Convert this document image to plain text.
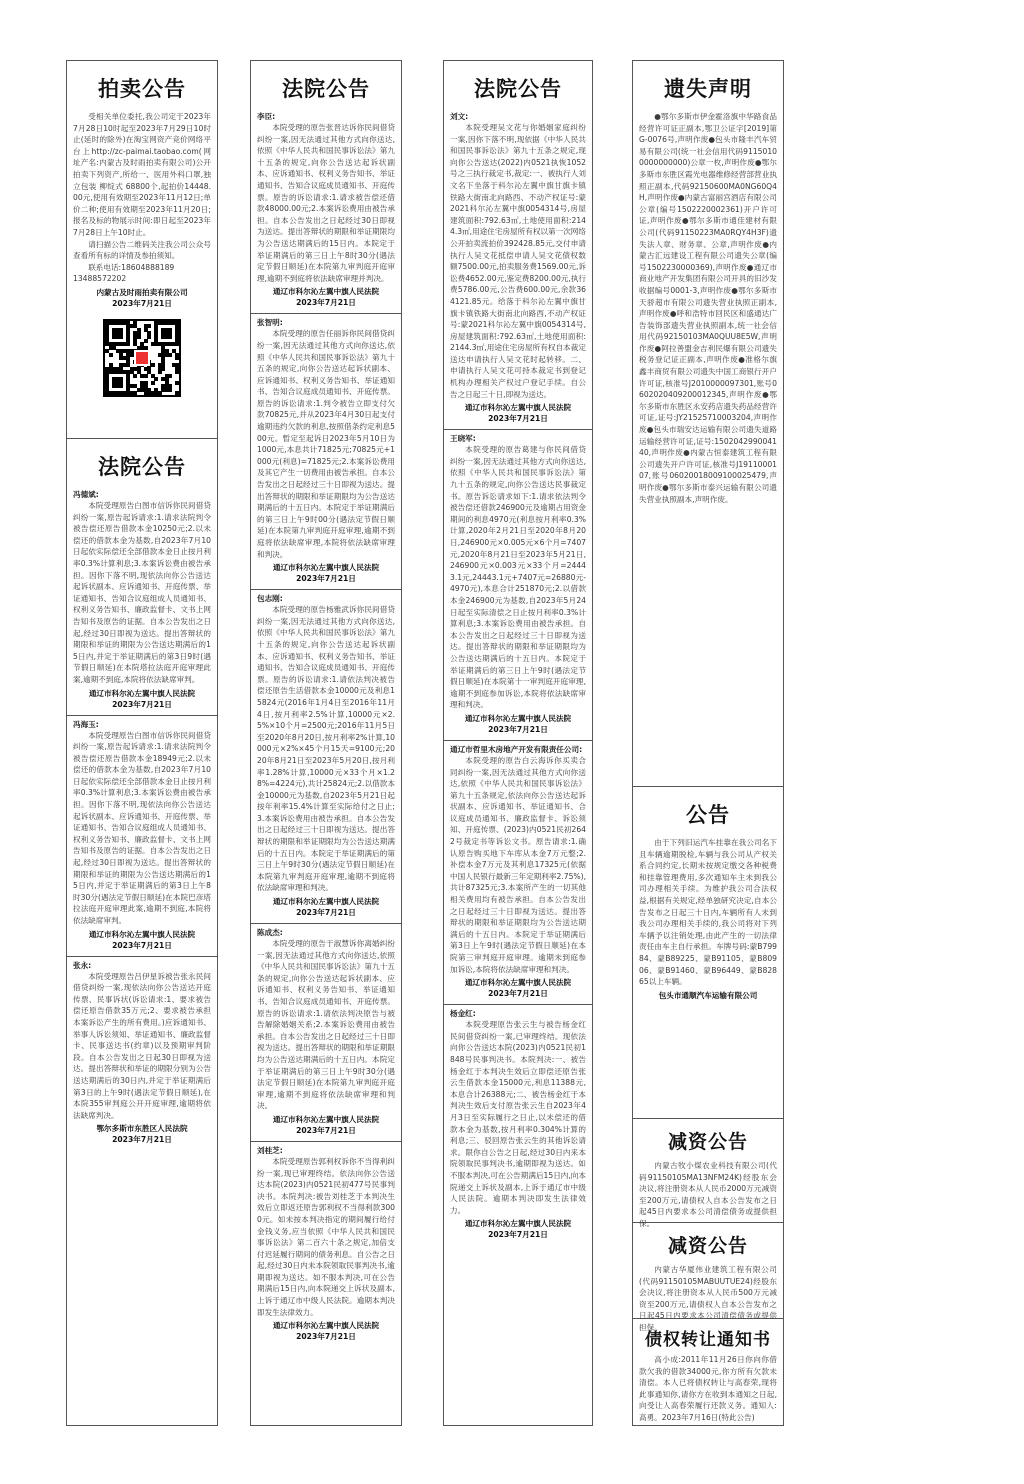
拍卖公告

受相关单位委托,我公司定于2023年7月28日10时起至2023年7月29日10时止(延时的除外)在淘宝网资产竞价网络平台上http://zc-paimai.taobao.com(网址产名:内蒙古及时雨拍卖有限公司)公开拍卖下列资产,所给一、医用外科口罩,独立包装 柳绽式 68800个,起拍价14448.00元,使用有效期至2023年11月12日;单价二种;使用有效期至2023年11月20日;报名及标的物展示时间:即日起至2023年7月28日上午10时止。

请扫描公告二维码关注我公司公众号查看所有标的详情及参拍须知。

联系电话:18604888189
13488572202

内蒙古及时雨拍卖有限公司
2023年7月21日
法院公告
冯德斌:

本院受理原告白图市信诉你民间借贷纠纷一案,原告起诉请求:1.请求法院判令被告偿还原告借款本金10250元;2.以未偿还的借款本金为基数,自2023年7月10日起依实际偿还全部借款本金日止按月利率0.3%计算利息;3.本案诉讼费由被告承担。因你下落不明,现依法向你公告送达起诉状副本、应诉通知书、开庭传票、举证通知书、告知合议庭组成人员通知书、权利义务告知书、廉政监督卡、文书上网告知书及原告的证据。自本公告发出之日起,经过30日即视为送达。提出答辩状的期限和举证的期限为公告送达期满后的15日内,并定于举证期满后的第3日9时(遇节假日顺延)在本院塔拉法庭开庭审理此案,逾期不到庭,本院将依法缺席审判。

通辽市科尔沁左翼中旗人民法院
2023年7月21日
冯海玉:

本院受理原告白图市信诉你民间借贷纠纷一案,原告起诉请求:1.请求法院判令被告偿还原告借款本金18949元;2.以未偿还的借款本金为基数,自2023年7月10日起依实际偿还全部借款本金日止按月利率0.3%计算利息;3.本案诉讼费由被告承担。因你下落不明,现依法向你公告送达起诉状副本、应诉通知书、开庭传票、举证通知书、告知合议庭组成人员通知书、权利义务告知书、廉政监督卡、文书上网告知书及原告的证据。自本公告发出之日起,经过30日即视为送达。提出答辩状的期限和举证的期限为公告送达期满后的15日内,并定于举证期满后的第3日上午8时30分(遇法定节假日顺延)在本院巴彦塔拉法庭开庭审理此案,逾期不到庭,本院将依法缺席审判。

通辽市科尔沁左翼中旗人民法院
2023年7月21日
张永:

本院受理原告吕伊星诉被告张永民间借贷纠纷一案,现依法向你公告送达开庭传票、民事诉状(诉讼请求:1、要求被告偿还原告借款35万元;2、要求被告承担本案诉讼产生的所有费用。)应诉通知书、举事人诉讼须知、举证通知书、廉政监督卡、民事送达书(约章)以及预期审判阶段。自本公告发出之日起30日即视为送达。提出答辩状和举证的期限分别为公告送达期满后的30日内,并定于举证期满后第3日的上午9时(遇法定节假日顺延),在本院355审判庭公开开庭审理,逾期将依法缺席判决。

鄂尔多斯市东胜区人民法院
2023年7月21日
法院公告
李臣:

本院受理的原告张晋达诉你民间借贷纠纷一案,因无法通过其他方式向你送达,依照《中华人民共和国民事诉讼法》第九十五条的规定,向你公告送达起诉状副本、应诉通知书、权利义务告知书、举证通知书、告知合议庭成员通知书、开庭传票。原告的诉讼请求:1.请求被告偿还借款48000.00元;2.本案诉讼费用由被告承担。自本公告发出之日起经过30日即视为送达。提出答辩状的期限和举证期限均为公告送达期满后的15日内。本院定于举证期满后的第三日上午8时30分(遇法定节假日顺延)在本院第九审判庭开庭审理,逾期不到庭将依法缺席审理并判决。

通辽市科尔沁左翼中旗人民法院
2023年7月21日
张智明:

本院受理的原告任丽诉你民间借贷纠纷一案,因无法通过其他方式向你送达,依照《中华人民共和国民事诉讼法》第九十五条的规定,向你公告送达起诉状副本、应诉通知书、权利义务告知书、举证通知书、告知合议庭成员通知书、开庭传票。原告的诉讼请求:1.判令被告立即支付欠款70825元,并从2023年4月30日起支付逾期违约欠款的利息,按照借条约定利息500元。暂定至起诉日2023年5月10日为1000元,本息共计71825元;70825元+1000元(利息)=71825元;2.本案诉讼费用及其它产生一切费用由被告承担。自本公告发出之日起经过三十日即视为送达。提出答辩状的期限和举证期限均为公告送达期满后的十五日内。本院定于举证期满后的第三日上午9时00分(遇法定节假日顺延)在本院第九审判庭开庭审理,逾期不到庭将依法缺席审理,本院将依法缺席审理和判决。

通辽市科尔沁左翼中旗人民法院
2023年7月21日
包志刚:

本院受理的原告杨雅武诉你民间借贷纠纷一案,因无法通过其他方式向你送达,依照《中华人民共和国民事诉讼法》第九十五条的规定,向你公告送达起诉状副本、应诉通知书、权利义务告知书、举证通知书、告知合议庭成员通知书、开庭传票。原告的诉讼请求:1.请依法判决被告偿还原告生活借款本金10000元及利息15824元(2016年1月4日至2016年11月4日,按月利率2.5%计算,10000元×2.5%×10个月=2500元;2016年11月5日至2020年8月20日,按月利率2%计算,10000元×2%×45个月15天=9100元;2020年8月21日至2023年5月20日,按月利率1.28%计算,10000元×33个月×1.28%=4224元),共计25824元;2.以借款本金10000元为基数,自2023年5月21日起按年利率15.4%计算至实际给付之日止;3.本案诉讼费用由被告承担。自本公告发出之日起经过三十日即视为送达。提出答辩状的期限和举证期限均为公告送达期满后的十五日内。本院定于举证期满后的第三日上午9时30分(遇法定节假日顺延)在本院第九审判庭开庭审理,逾期不到庭将依法缺席审理和判决。

通辽市科尔沁左翼中旗人民法院
2023年7月21日
陈成杰:

本院受理的原告于淑慧诉你离婚纠纷一案,因无法通过其他方式向你送达,依照《中华人民共和国民事诉讼法》第九十五条的规定,向你公告送达起诉状副本、应诉通知书、权利义务告知书、举证通知书、告知合议庭成员通知书、开庭传票。原告的诉讼请求:1.请依法判决原告与被告解除婚姻关系;2.本案诉讼费用由被告承担。自本公告发出之日起经过三十日即视为送达。提出答辩状的期限和举证期限均为公告送达期满后的十五日内。本院定于举证期满后的第三日上午9时30分(遇法定节假日顺延)在本院第九审判庭开庭审理,逾期不到庭将依法缺席审理和判决。

通辽市科尔沁左翼中旗人民法院
2023年7月21日
刘桂芝:

本院受理原告郭利权诉你不当得利纠纷一案,现已审理终结。依法向你公告送达本院(2023)内0521民初477号民事判决书。本院判决:被告刘桂芝于本判决生效后立即返还原告郭利权不当得利款3000元。如未按本判决指定的期间履行给付金钱义务,应当依照《中华人民共和国民事诉讼法》第二百六十条之规定,加倍支付迟延履行期间的债务利息。自公告之日起,经过30日内未本院领取民事判决书,逾期即视为送达。如不服本判决,可在公告期满后15日内,向本院递交上诉状及副本,上诉于通辽市中级人民法院。逾期本判决即发生法律效力。

通辽市科尔沁左翼中旗人民法院
2023年7月21日
法院公告
刘文:

本院受理吴文花与你婚姻家庭纠纷一案,因你下落不明,现依据《中华人民共和国民事诉讼法》第九十五条之规定,现向你公告送达(2022)内0521执恢1052号之三执行裁定书,裁定:一、被执行人刘文名下坐落于科尔沁左翼中旗甘旗卡镇铁路大街南北向路西、不动产权证号:蒙2021科尔沁左翼中旗0054314号,房屋建筑面积:792.63㎡,土地使用面积:2144.3㎡,用途住宅房屋所有权以第一次网络公开拍卖流拍价392428.85元,交付申请执行人吴文花抵偿申请人吴文花债权数额7500.00元,拍卖服务费1569.00元,诉讼费4652.00元,鉴定费8200.00元,执行费5786.00元,公告费600.00元,余款364121.85元。给落于科尔沁左翼中旗甘旗卡镇铁路大街南北向路西,不动产权证号:蒙2021科尔沁左翼中旗0054314号,房屋建筑面积:792.63㎡,土地使用面积:2144.3㎡,用途住宅房屋所有权自本裁定送达申请执行人吴文花时起转移。二、申请执行人吴文花可持本裁定书到登记机构办理相关产权过户登记手续。自公告之日起三十日,即视为送达。

通辽市科尔沁左翼中旗人民法院
2023年7月21日
王晓军:

本院受理的原告葛建与你民间借贷纠纷一案,因无法通过其他方式向你送达,依照《中华人民共和国民事诉讼法》第九十五条的规定,向你公告送达民事裁定书。原告诉讼请求如下:1.请求依法判令被告偿还借款246900元及逾期占用资金期间的利息4970元(利息按月利率0.3%计算,2020年2月21日至2020年8月20日,246900元×0.005元×6个月=7407元,2020年8月21日至2023年5月21日,246900元×0.003元×33个月=24443.1元,24443.1元+7407元=26880元-4970元),本息合计251870元;2.以借款本金246900元为基数,自2023年5月24日起至实际清偿之日止按月利率0.3%计算利息;3.本案诉讼费用由被告承担。自本公告发出之日起经过三十日即视为送达。提出答辩状的期限和举证期限均为公告送达期满后的十五日内。本院定于举证期满后的第三日上午9时(遇法定节假日顺延)在本院第十一审判庭开庭审理,逾期不到庭参加诉讼,本院将依法缺席审理和判决。

通辽市科尔沁左翼中旗人民法院
2023年7月21日
通辽市哲里木房地产开发有限责任公司:

本院受理的原告白云海诉你买卖合同纠纷一案,因无法通过其他方式向你送达,依照《中华人民共和国民事诉讼法》第九十五条规定,依法向你公告送达起诉状副本、应诉通知书、举证通知书、合议庭成员通知书、廉政监督卡、诉讼须知、开庭传票、(2023)内0521民初2642号裁定书等诉讼文书。原告请求:1.确认原告购买地下车库从本金7万元整;2.补偿本金7万元及其利息17325元(依据中国人民银行最新三年定期利率2.75%),共计87325元;3.本案所产生的一切其他相关费用均有被告承担。自本公告发出之日起经过三十日即视为送达。提出答辩状的期限和举证期限均为公告送达期满后的十五日内。本院定于举证期满后第3日上午9时(遇法定节假日顺延)在本院第三审判庭开庭审理。逾期未到庭参加诉讼,本院将依法缺席审理和判决。

通辽市科尔沁左翼中旗人民法院
2023年7月21日
杨金红:

本院受理原告张云生与被告杨金红民间借贷纠纷一案,已审理终结。现依法向你公告送达本院(2023)内0521民初1848号民事判决书。本院判决:一、被告杨金红于本判决生效后立即偿还原告张云生借款本金15000元,利息11388元,本息合计26388元;二、被告杨金红于本判决生效后支付原告张云生自2023年4月3日至实际履行之日止,以未偿还的借款本金为基数,按月利率0.304%计算的利息;三、驳回原告张云生的其他诉讼请求。限你自公告之日起,经过30日内来本院领取民事判决书,逾期即视为送达。如不服本判决,可在公告期满后15日内,向本院递交上诉状及副本,上诉于通辽市中级人民法院。逾期本判决即发生法律效力。

通辽市科尔沁左翼中旗人民法院
2023年7月21日
遗失声明

●鄂尔多斯市伊金霍洛旗中华路食品经营许可证正副本,鄂卫公证字[2019]第G-0076号,声明作废●包头市隆丰汽车贸易有限公司(统一社会信用代码91150100000000000)公章一枚,声明作废●鄂尔多斯市东胜区霞光电器维修经营部营业执照正副本,代码92150600MA0NG60Q4H,声明作废●内蒙古富丽宫酒店有限公司公章(编号1502220002361)开户许可证,声明作废●鄂尔多斯市通佳建材有限公司(代码91150223MA0RQY4H3F)遗失法人章、财务章、公章,声明作废●内蒙古汇远建设工程有限公司遗失公章(编号1502230000369),声明作废●通辽市商业地产开发集团有限公司开具的旧沙发收据编号0001-3,声明作废●鄂尔多斯市天骄超市有限公司遗失营业执照正副本,声明作废●呼和浩特市回民区和盛通达广告装饰部遗失营业执照副本,统一社会信用代码92150103MA0QUU8E5W,声明作废●阿拉善盟金吉利民爆有限公司遗失税务登记证正副本,声明作废●准格尔旗鑫丰商贸有限公司遗失中国工商银行开户许可证,核准号J2010000097301,账号0602020409200012345,声明作废●鄂尔多斯市东胜区永安药店遗失药品经营许可证,证号:JY21525710003204,声明作废●包头市瑞安达运输有限公司遗失道路运输经营许可证,证号:150204299004140,声明作废●内蒙古恒泰建筑工程有限公司遗失开户许可证,核准号J1911000107,账号06020018009100025479,声明作废●鄂尔多斯市泰兴运输有限公司遗失营业执照副本,声明作废。

公告

由于下列旧运汽车挂靠在我公司名下且车辆逾期脱检,车辆与我公司从产权关系合同约定,长期未按规定缴交各种税费和挂靠管理费用,多次通知车主未到我公司办理相关手续。为维护我公司合法权益,根据有关规定,经单独研究决定,自本公告发布之日起三十日内,车辆所有人未到我公司办理相关手续的,我公司将对下列车辆予以注销处理,由此产生的一切法律责任由车主自行承担。车牌号码:蒙B79984、蒙B89225、蒙B91105、蒙B80906、蒙B91460、蒙B96449、蒙B82865以上车辆。

包头市通顺汽车运输有限公司
减资公告

内蒙古牧小煤农业科技有限公司(代码91150105MA13NFM24K)经股东会决议,将注册资本从人民币2000万元减资至200万元,请债权人自本公告发布之日起45日内要求本公司清偿债务或提供担保。

减资公告

内蒙古华厦伟业建筑工程有限公司(代码91150105MABUUTUE24)经股东会决议,将注册资本从人民币500万元减资至200万元,请债权人自本公告发布之日起45日内要求本公司清偿债务或提供担保。

债权转让通知书

高小成:2011年11月26日你向你借款欠我的借款34000元,你方所有欠款未清偿。本人已将债权转让与高春荣,现将此事通知你,请你方在收到本通知之日起,向受让人高春荣履行还款义务。通知人:高勇。2023年7月16日(特此公告)
